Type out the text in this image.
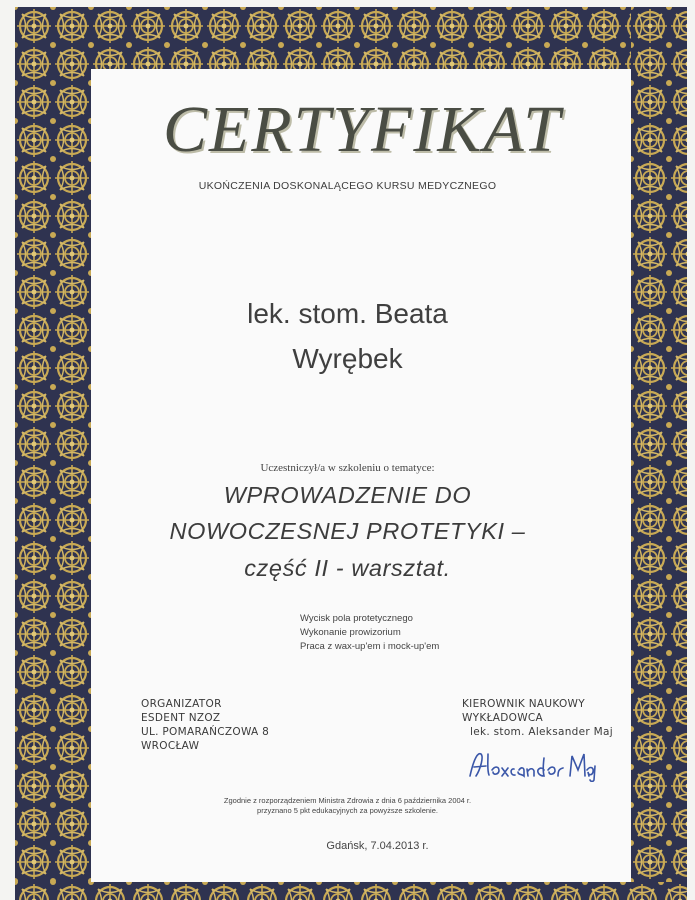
CERTYFIKAT
UKOŃCZENIA DOSKONALĄCEGO KURSU MEDYCZNEGO
lek. stom. Beata
Wyrębek
Uczestniczył/a w szkoleniu o tematyce:
WPROWADZENIE DO
NOWOCZESNEJ PROTETYKI –
część II - warsztat.
Wycisk pola protetycznego
Wykonanie prowizorium
Praca z wax-up'em i mock-up'em
ORGANIZATOR
ESDENT NZOZ
UL. POMARAŃCZOWA 8
WROCŁAW
KIEROWNIK NAUKOWY
WYKŁADOWCA
lek. stom. Aleksander Maj
Zgodnie z rozporządzeniem Ministra Zdrowia z dnia 6 października 2004 r.
przyznano 5 pkt edukacyjnych za powyższe szkolenie.
Gdańsk, 7.04.2013 r.
